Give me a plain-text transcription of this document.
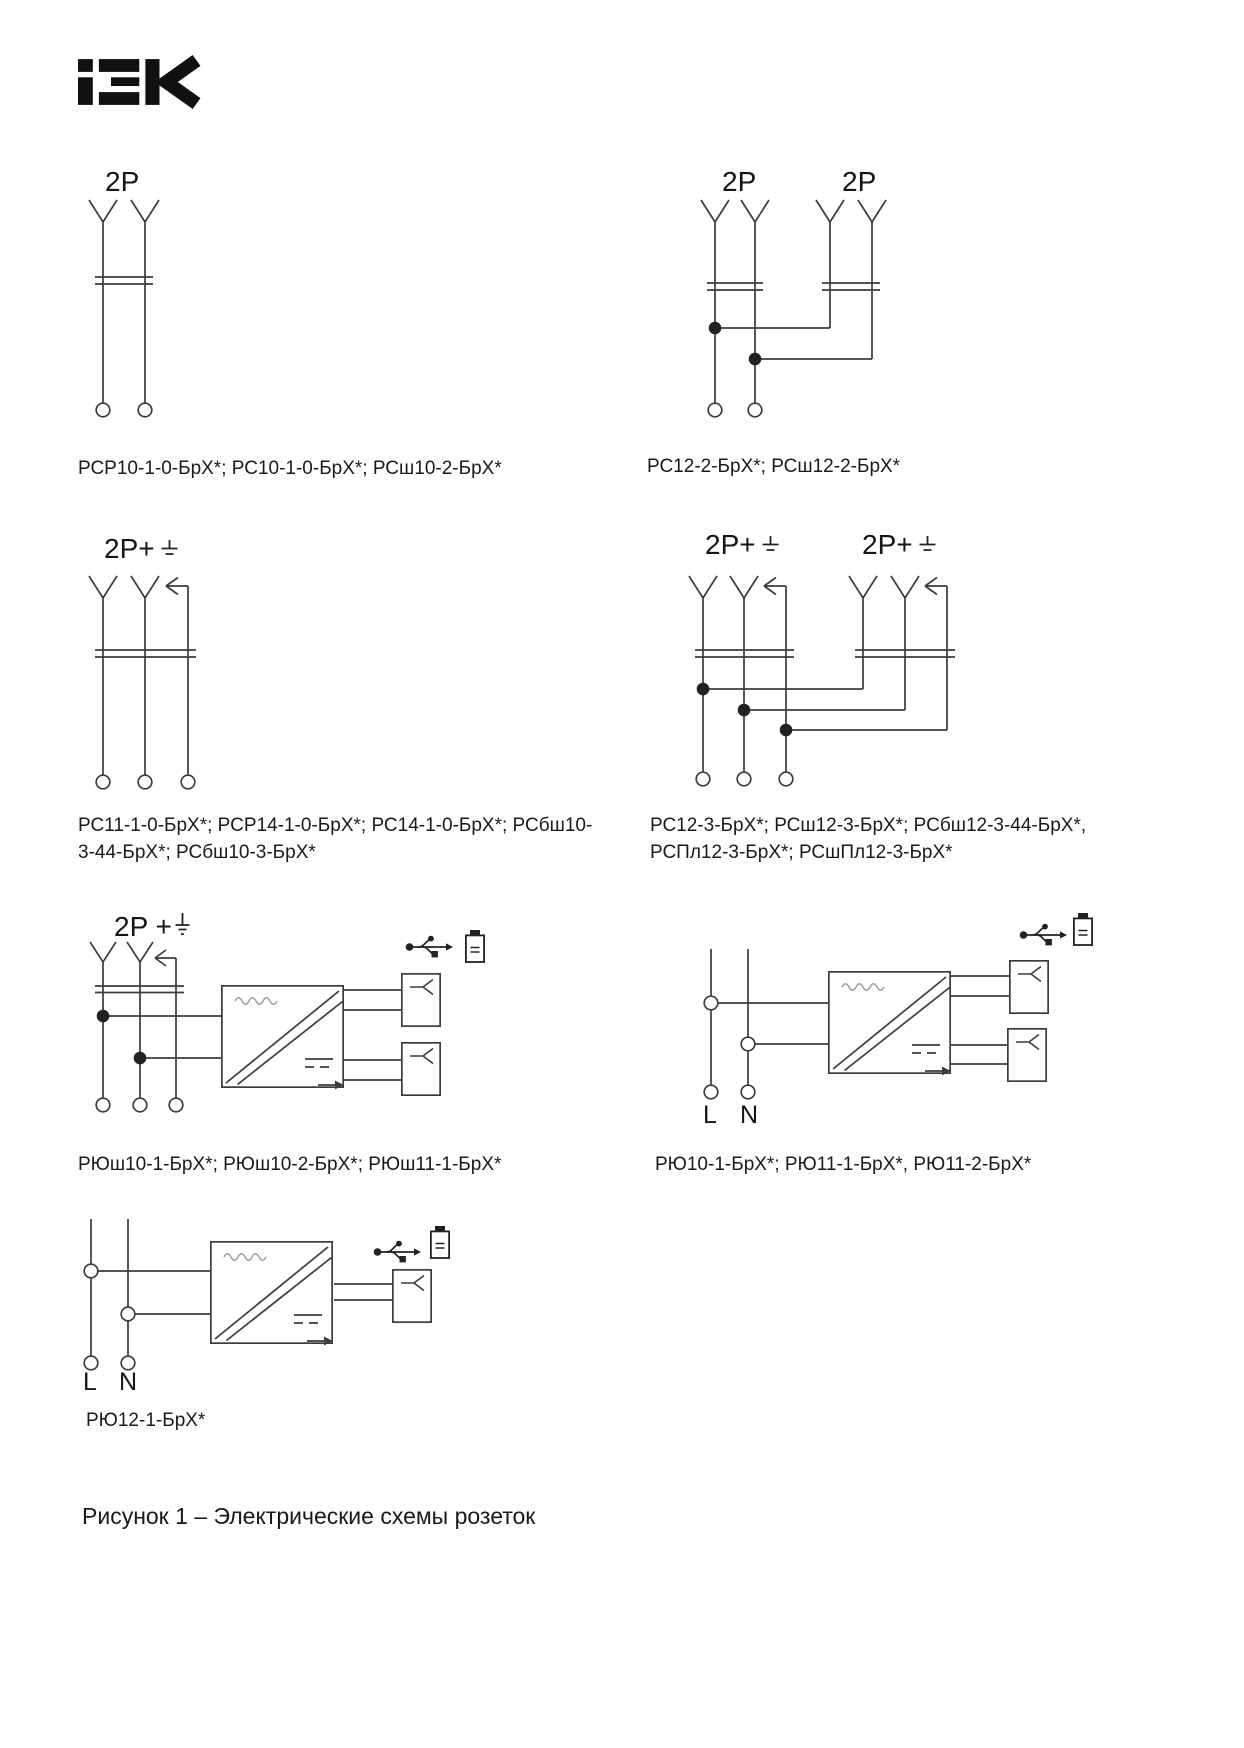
2P
РСР10-1-0-БрХ*; РС10-1-0-БрХ*; РСш10-2-БрХ*
2P	2P
РС12-2-БрХ*; РСш12-2-БрХ*
2P+
РС11-1-0-БрХ*; РСР14-1-0-БрХ*; РС14-1-0-БрХ*; РСбш10-
3-44-БрХ*; РСбш10-3-БрХ*
2P+	2P+
РС12-3-БрХ*; РСш12-3-БрХ*; РСбш12-3-44-БрХ*,
РСПл12-3-БрХ*; РСшПл12-3-БрХ*
2P +
РЮш10-1-БрХ*; РЮш10-2-БрХ*; РЮш11-1-БрХ*
L N
РЮ10-1-БрХ*; РЮ11-1-БрХ*, РЮ11-2-БрХ*
L N
РЮ12-1-БрХ*
Рисунок 1 – Электрические схемы розеток
